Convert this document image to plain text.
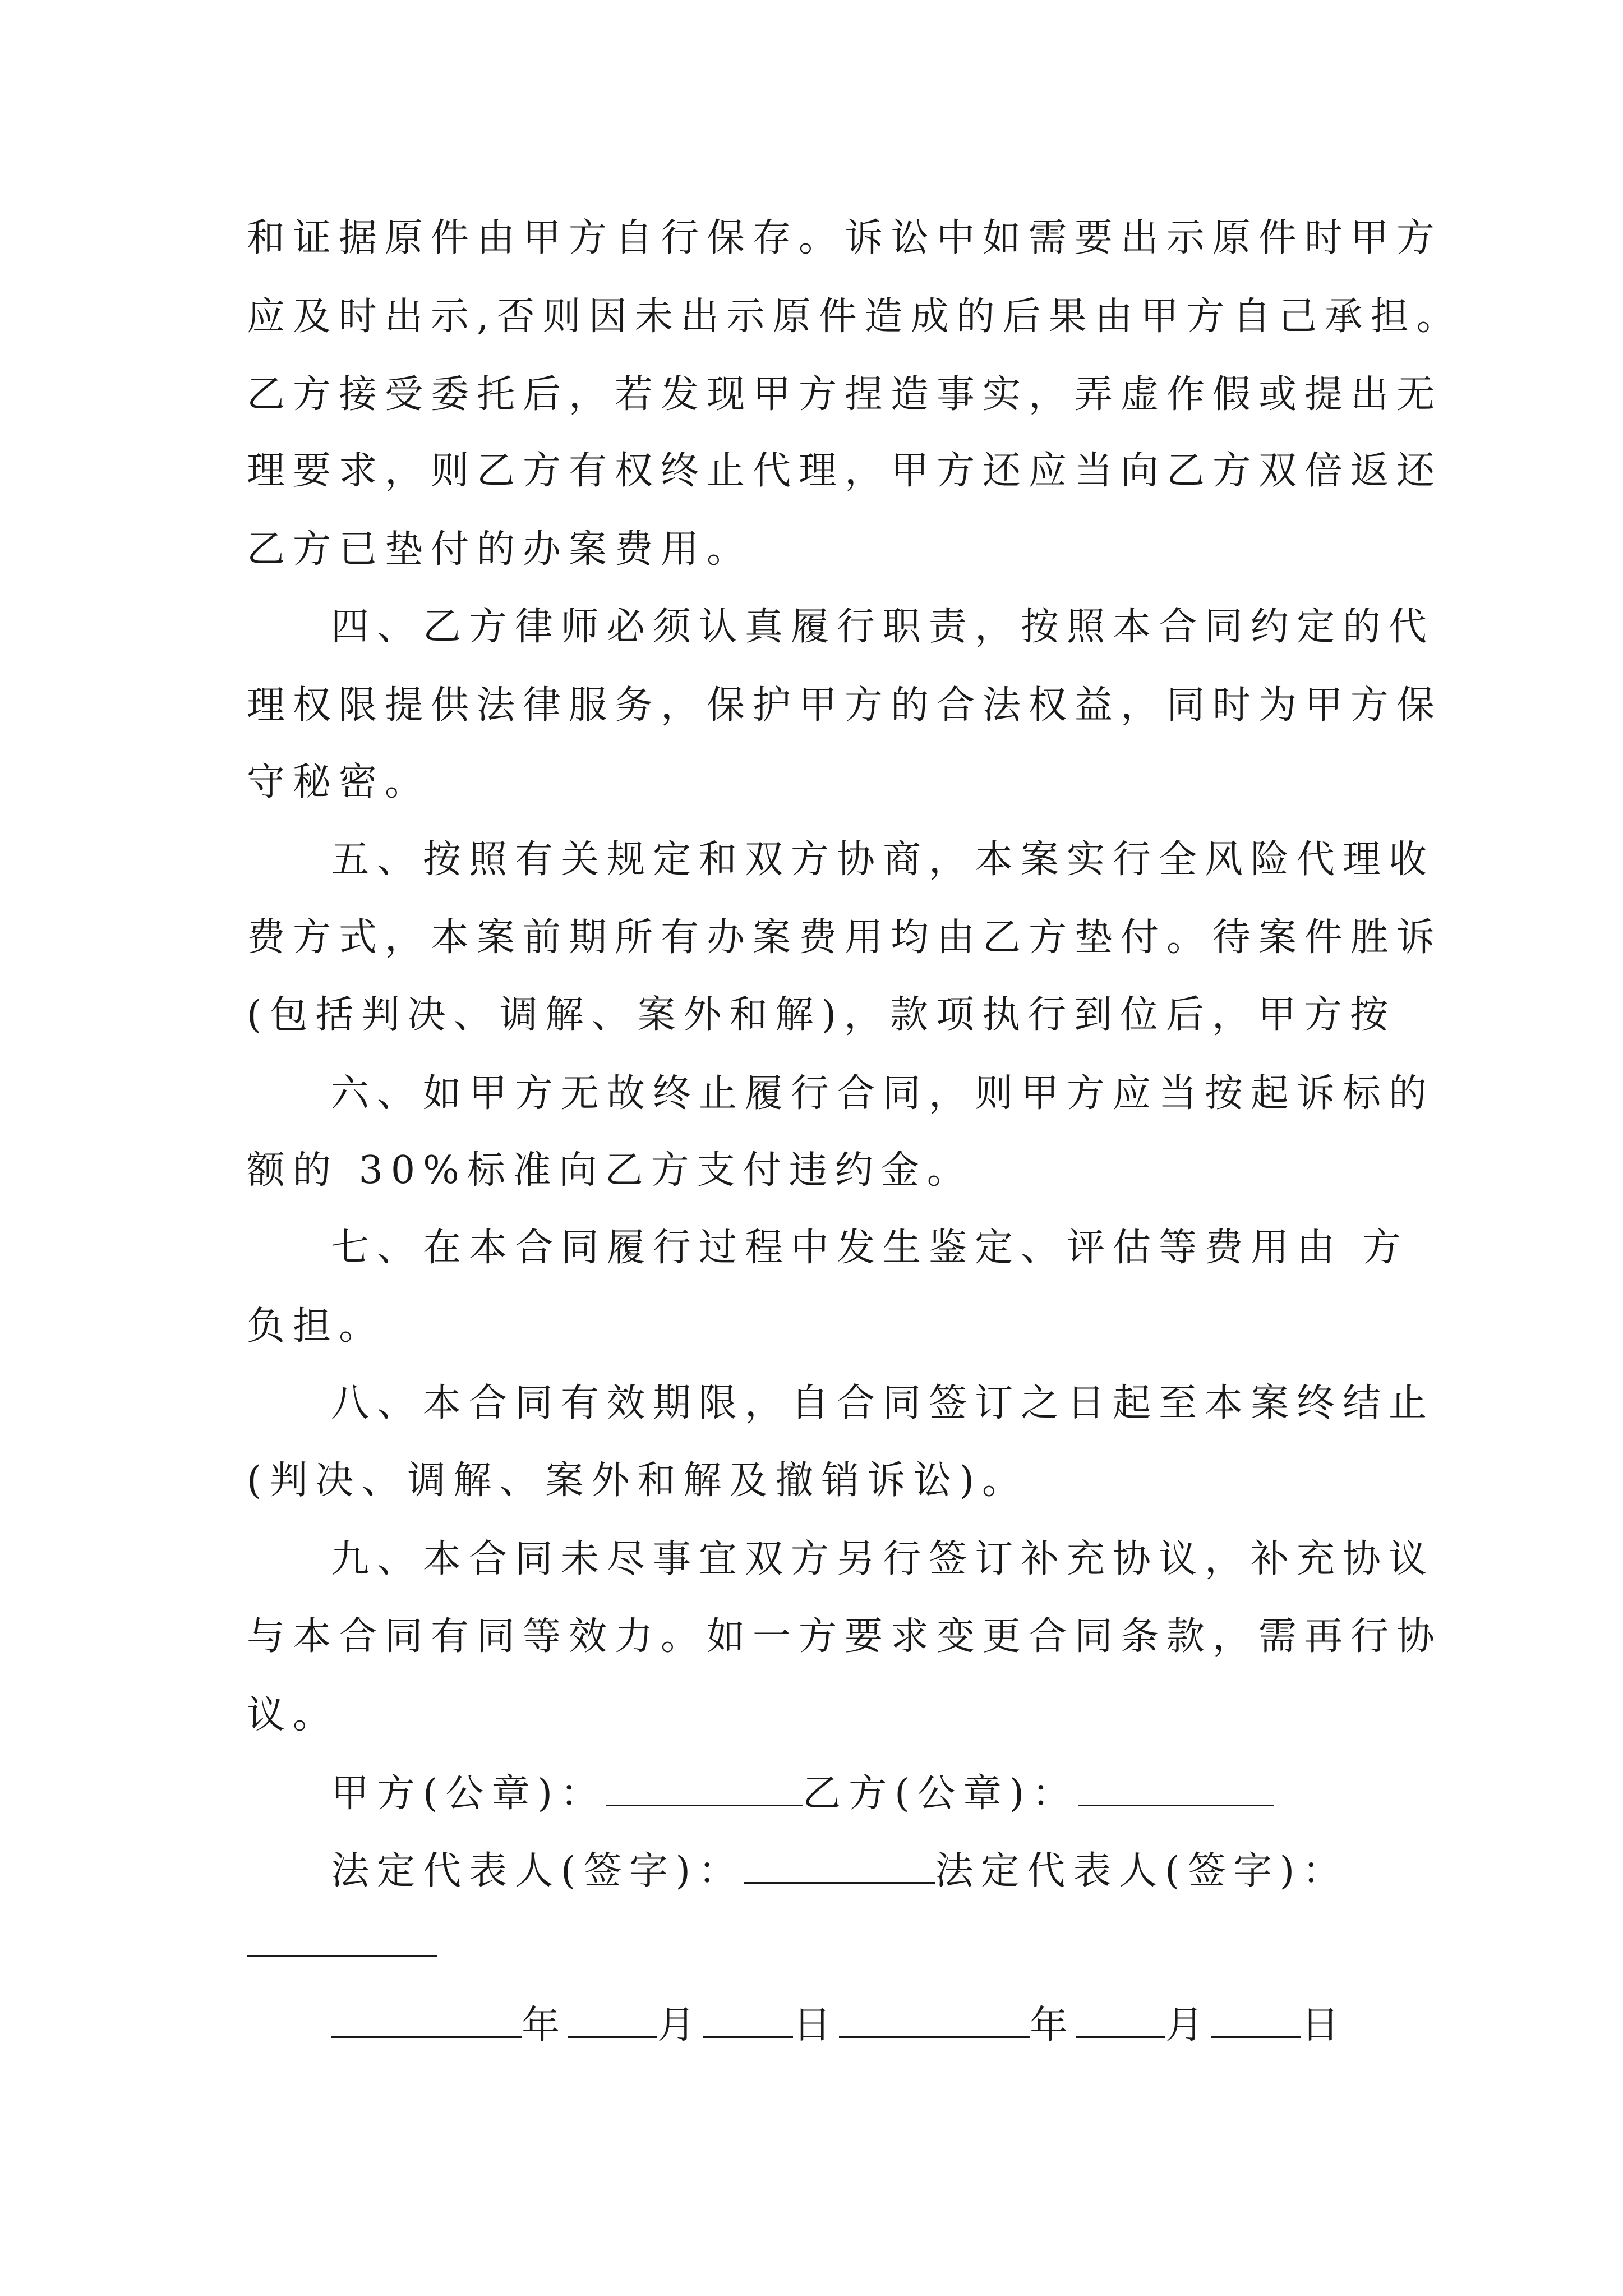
和证据原件由甲方自行保存。诉讼中如需要出示原件时甲方
应及时出示,否则因未出示原件造成的后果由甲方自己承担。
乙方接受委托后，若发现甲方捏造事实，弄虚作假或提出无
理要求，则乙方有权终止代理，甲方还应当向乙方双倍返还
乙方已垫付的办案费用。
四、乙方律师必须认真履行职责，按照本合同约定的代
理权限提供法律服务，保护甲方的合法权益，同时为甲方保
守秘密。
五、按照有关规定和双方协商，本案实行全风险代理收
费方式，本案前期所有办案费用均由乙方垫付。待案件胜诉
(包括判决、调解、案外和解)，款项执行到位后，甲方按
六、如甲方无故终止履行合同，则甲方应当按起诉标的
额的 30%标准向乙方支付违约金。
七、在本合同履行过程中发生鉴定、评估等费用由 方
负担。
八、本合同有效期限，自合同签订之日起至本案终结止
(判决、调解、案外和解及撤销诉讼)。
九、本合同未尽事宜双方另行签订补充协议，补充协议
与本合同有同等效力。如一方要求变更合同条款，需再行协
议。
甲方(公章)：	乙方(公章)：
法定代表人(签字)：	法定代表人(签字)：
年 月 日	年 月 日
